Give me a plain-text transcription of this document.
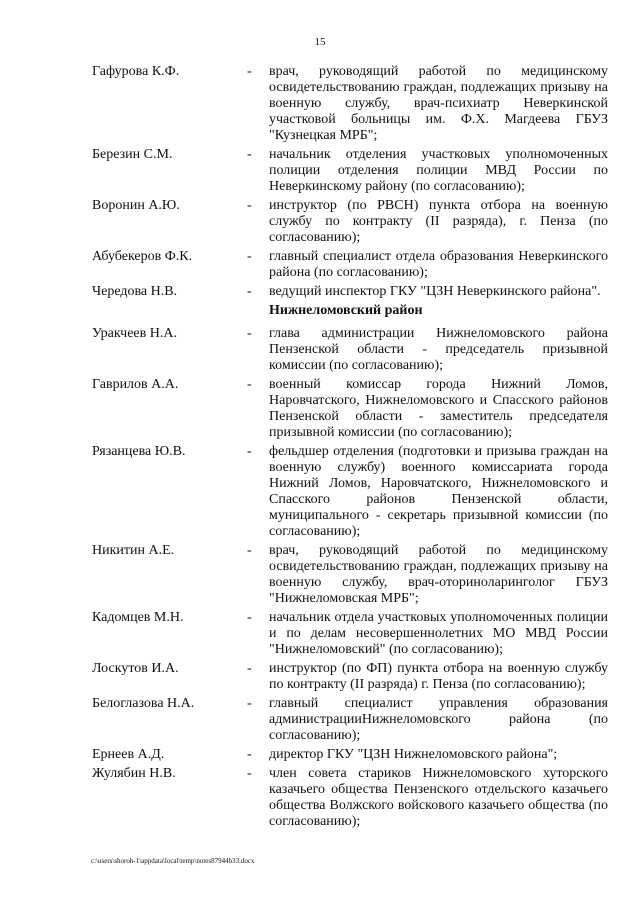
15
Гафурова К.Ф.	- врач, руководящий работой по медицинскому освидетельствованию граждан, подлежащих призыву на военную службу, врач-психиатр Неверкинской участковой больницы им. Ф.Х. Магдеева ГБУЗ "Кузнецкая МРБ";
Березин С.М.	- начальник отделения участковых уполномоченных полиции отделения полиции МВД России по Неверкинскому району (по согласованию);
Воронин А.Ю.	- инструктор (по РВСН) пункта отбора на военную службу по контракту (II разряда), г. Пенза (по согласованию);
Абубекеров Ф.К.	- главный специалист отдела образования Неверкинского района (по согласованию);
Чередова Н.В.	- ведущий инспектор ГКУ "ЦЗН Неверкинского района".
Нижнеломовский район
Уракчеев Н.А.	- глава администрации Нижнеломовского района Пензенской области - председатель призывной комиссии (по согласованию);
Гаврилов А.А.	- военный комиссар города Нижний Ломов, Наровчатского, Нижнеломовского и Спасского районов Пензенской области - заместитель председателя призывной комиссии (по согласованию);
Рязанцева Ю.В.	- фельдшер отделения (подготовки и призыва граждан на военную службу) военного комиссариата города Нижний Ломов, Наровчатского, Нижнеломовского и Спасского районов Пензенской области, муниципального - секретарь призывной комиссии (по согласованию);
Никитин А.Е.	- врач, руководящий работой по медицинскому освидетельствованию граждан, подлежащих призыву на военную службу, врач-оториноларинголог ГБУЗ "Нижнеломовская МРБ";
Кадомцев М.Н.	- начальник отдела участковых уполномоченных полиции и по делам несовершеннолетних МО МВД России "Нижнеломовский" (по согласованию);
Лоскутов И.А.	- инструктор (по ФП) пункта отбора на военную службу по контракту (II разряда) г. Пенза (по согласованию);
Белоглазова Н.А.	- главный специалист управления образования администрацииНижнеломовского района (по согласованию);
Ернеев А.Д.	- директор ГКУ "ЦЗН Нижнеломовского района";
Жулябин Н.В.	- член совета стариков Нижнеломовского хуторского казачьего общества Пензенского отдельского казачьего общества Волжского войскового казачьего общества (по согласованию);
c:\users\shoroh-1\appdata\local\temp\notes87944b33.docx
